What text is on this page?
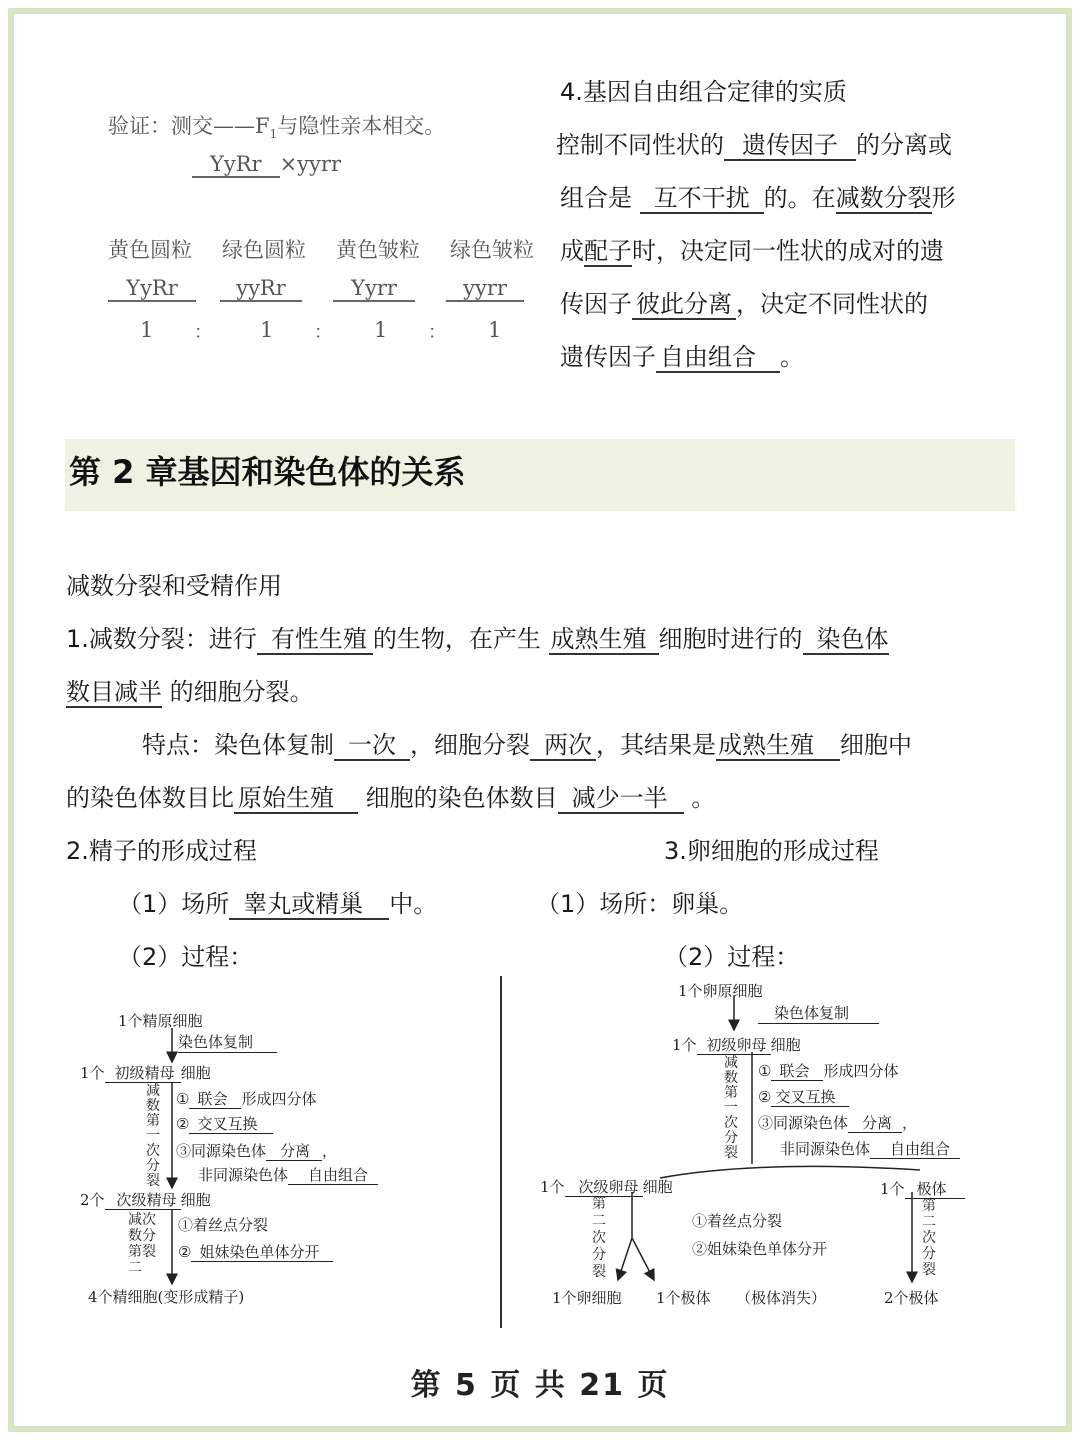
验证：测交$——F_1$与隐性亲本相交。
YyRr ×yyrr
黄色圆粒 绿色圆粒 黄色皱粒 绿色皱粒
YyRr	yyRr	Yyrr	yyrr
1 ： 1 ： 1 ： 1
4.基因自由组合定律的实质
控制不同性状的 遗传因子 的分离或
组合是 互不干扰 的。在减数分裂形
成配子时，决定同一性状的成对的遗
传因子 彼此分离 ，决定不同性状的
遗传因子 自由组合 。
第 2 章基因和染色体的关系
减数分裂和受精作用
1.减数分裂：进行 有性生殖 的生物，在产生 成熟生殖 细胞时进行的 染色体
数目减半 的细胞分裂。
特点：染色体复制 一次 ，细胞分裂 两次 ，其结果是成熟生殖 细胞中
的染色体数目比 原始生殖 细胞的染色体数目 减少一半 。
2.精子的形成过程
（1）场所 睾丸或精巢 中。
（2）过程：
3.卵细胞的形成过程
（1）场所：卵巢。
（2）过程：
1个精原细胞
染色体复制
1个 初级精母 细胞
减数第一次分裂
① 联会 形成四分体
② 交叉互换
③同源染色体 分离 ，
非同源染色体 自由组合
2个 次级精母 细胞
减次
数分
第裂
二
①着丝点分裂
② 姐妹染色单体分开
4个精细胞(变形成精子)
1个卵原细胞
染色体复制
1个 初级卵母 细胞
减数第一次分裂
① 联会 形成四分体
② 交叉互换
③同源染色体 分离 ，
非同源染色体 自由组合
1个 次级卵母 细胞	1个 极体
第二次分裂
第二次分裂
①着丝点分裂
②姐妹染色单体分开
1个卵细胞 1个极体 （极体消失）	2个极体
第 5 页 共 21 页
